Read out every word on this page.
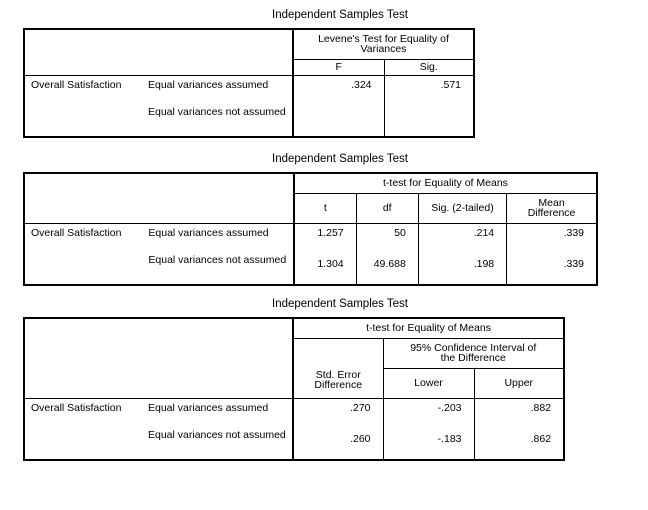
Independent Samples Test
		Levene's Test for Equality of Variances	
		F	Sig.
Overall Satisfaction	Equal variances assumed	.324	.571
	Equal variances not assumed		
Independent Samples Test
		t-test for Equality of Means			
		t	df	Sig. (2-tailed)	Mean Difference
Overall Satisfaction	Equal variances assumed	1.257	50	.214	.339
	Equal variances not assumed	1.304	49.688	.198	.339
Independent Samples Test
		t-test for Equality of Means		
		Std. Error Difference	95% Confidence Interval of the Difference	
			Lower	Upper
Overall Satisfaction	Equal variances assumed	.270	-.203	.882
	Equal variances not assumed	.260	-.183	.862
